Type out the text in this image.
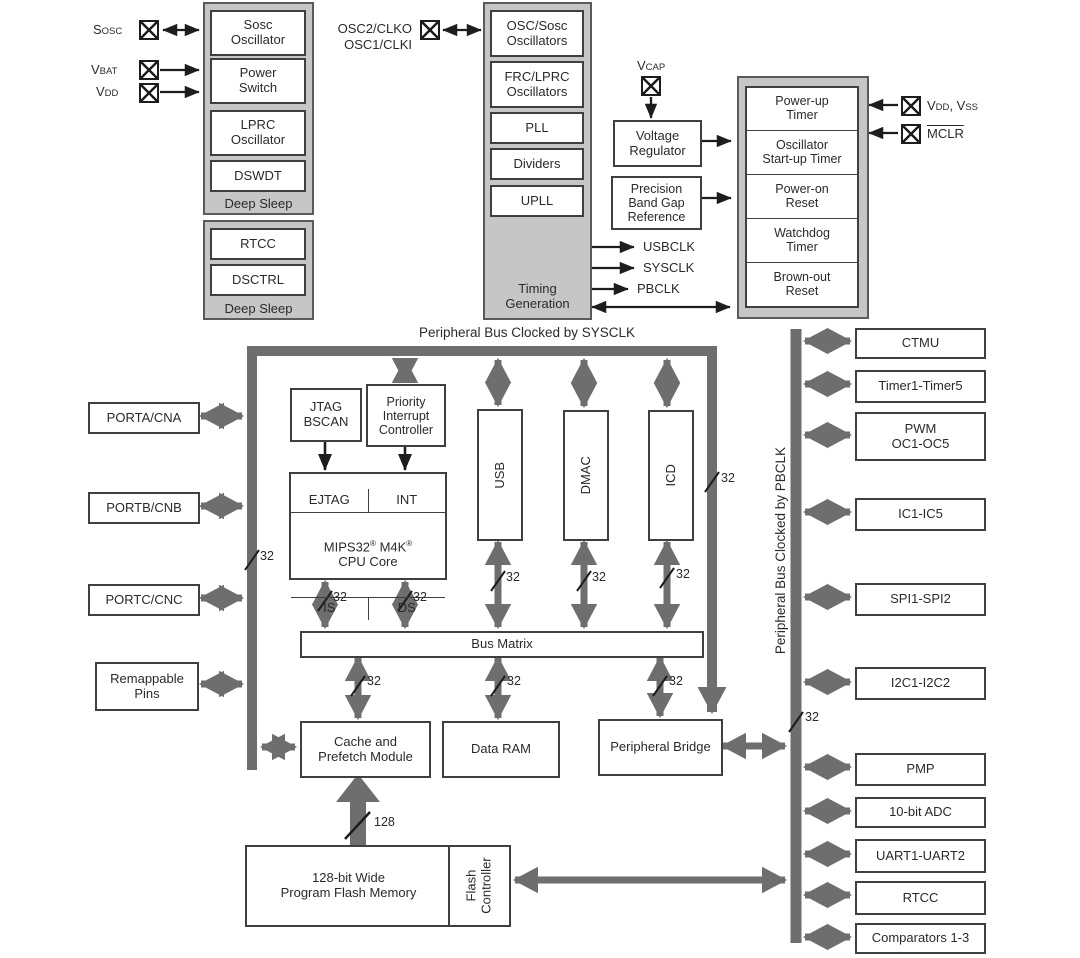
Deep Sleep
Sosc
Oscillator
Power
Switch
LPRC
Oscillator
DSWDT
SOSC
VBAT
VDD
Deep Sleep
RTCC
DSCTRL
Timing
Generation
OSC/Sosc
Oscillators
FRC/LPRC
Oscillators
PLL
Dividers
UPLL
OSC2/CLKO
OSC1/CLKI
VCAP
Voltage
Regulator
Precision
Band Gap
Reference
USBCLK
SYSCLK
PBCLK
Power-up
Timer
Oscillator
Start-up Timer
Power-on
Reset
Watchdog
Timer
Brown-out
Reset
VDD, VSS
MCLR
Peripheral Bus Clocked by SYSCLK
JTAG
BSCAN
Priority
Interrupt
Controller

EJTAG	INT

MIPS32® M4K®
CPU Core

IS	DS

USB	DMAC	ICD
Bus Matrix
Cache and
Prefetch Module	Data RAM	Peripheral Bridge
128-bit Wide
Program Flash Memory	Flash
Controller
PORTA/CNA
PORTB/CNB
PORTC/CNC
Remappable
Pins
Peripheral Bus Clocked by PBCLK
CTMU
Timer1-Timer5
PWM
OC1-OC5
IC1-IC5
SPI1-SPI2
I2C1-I2C2
PMP
10-bit ADC
UART1-UART2
RTCC
Comparators 1-3
32
32	32
32	32	32
32
32	32	32
32
128
